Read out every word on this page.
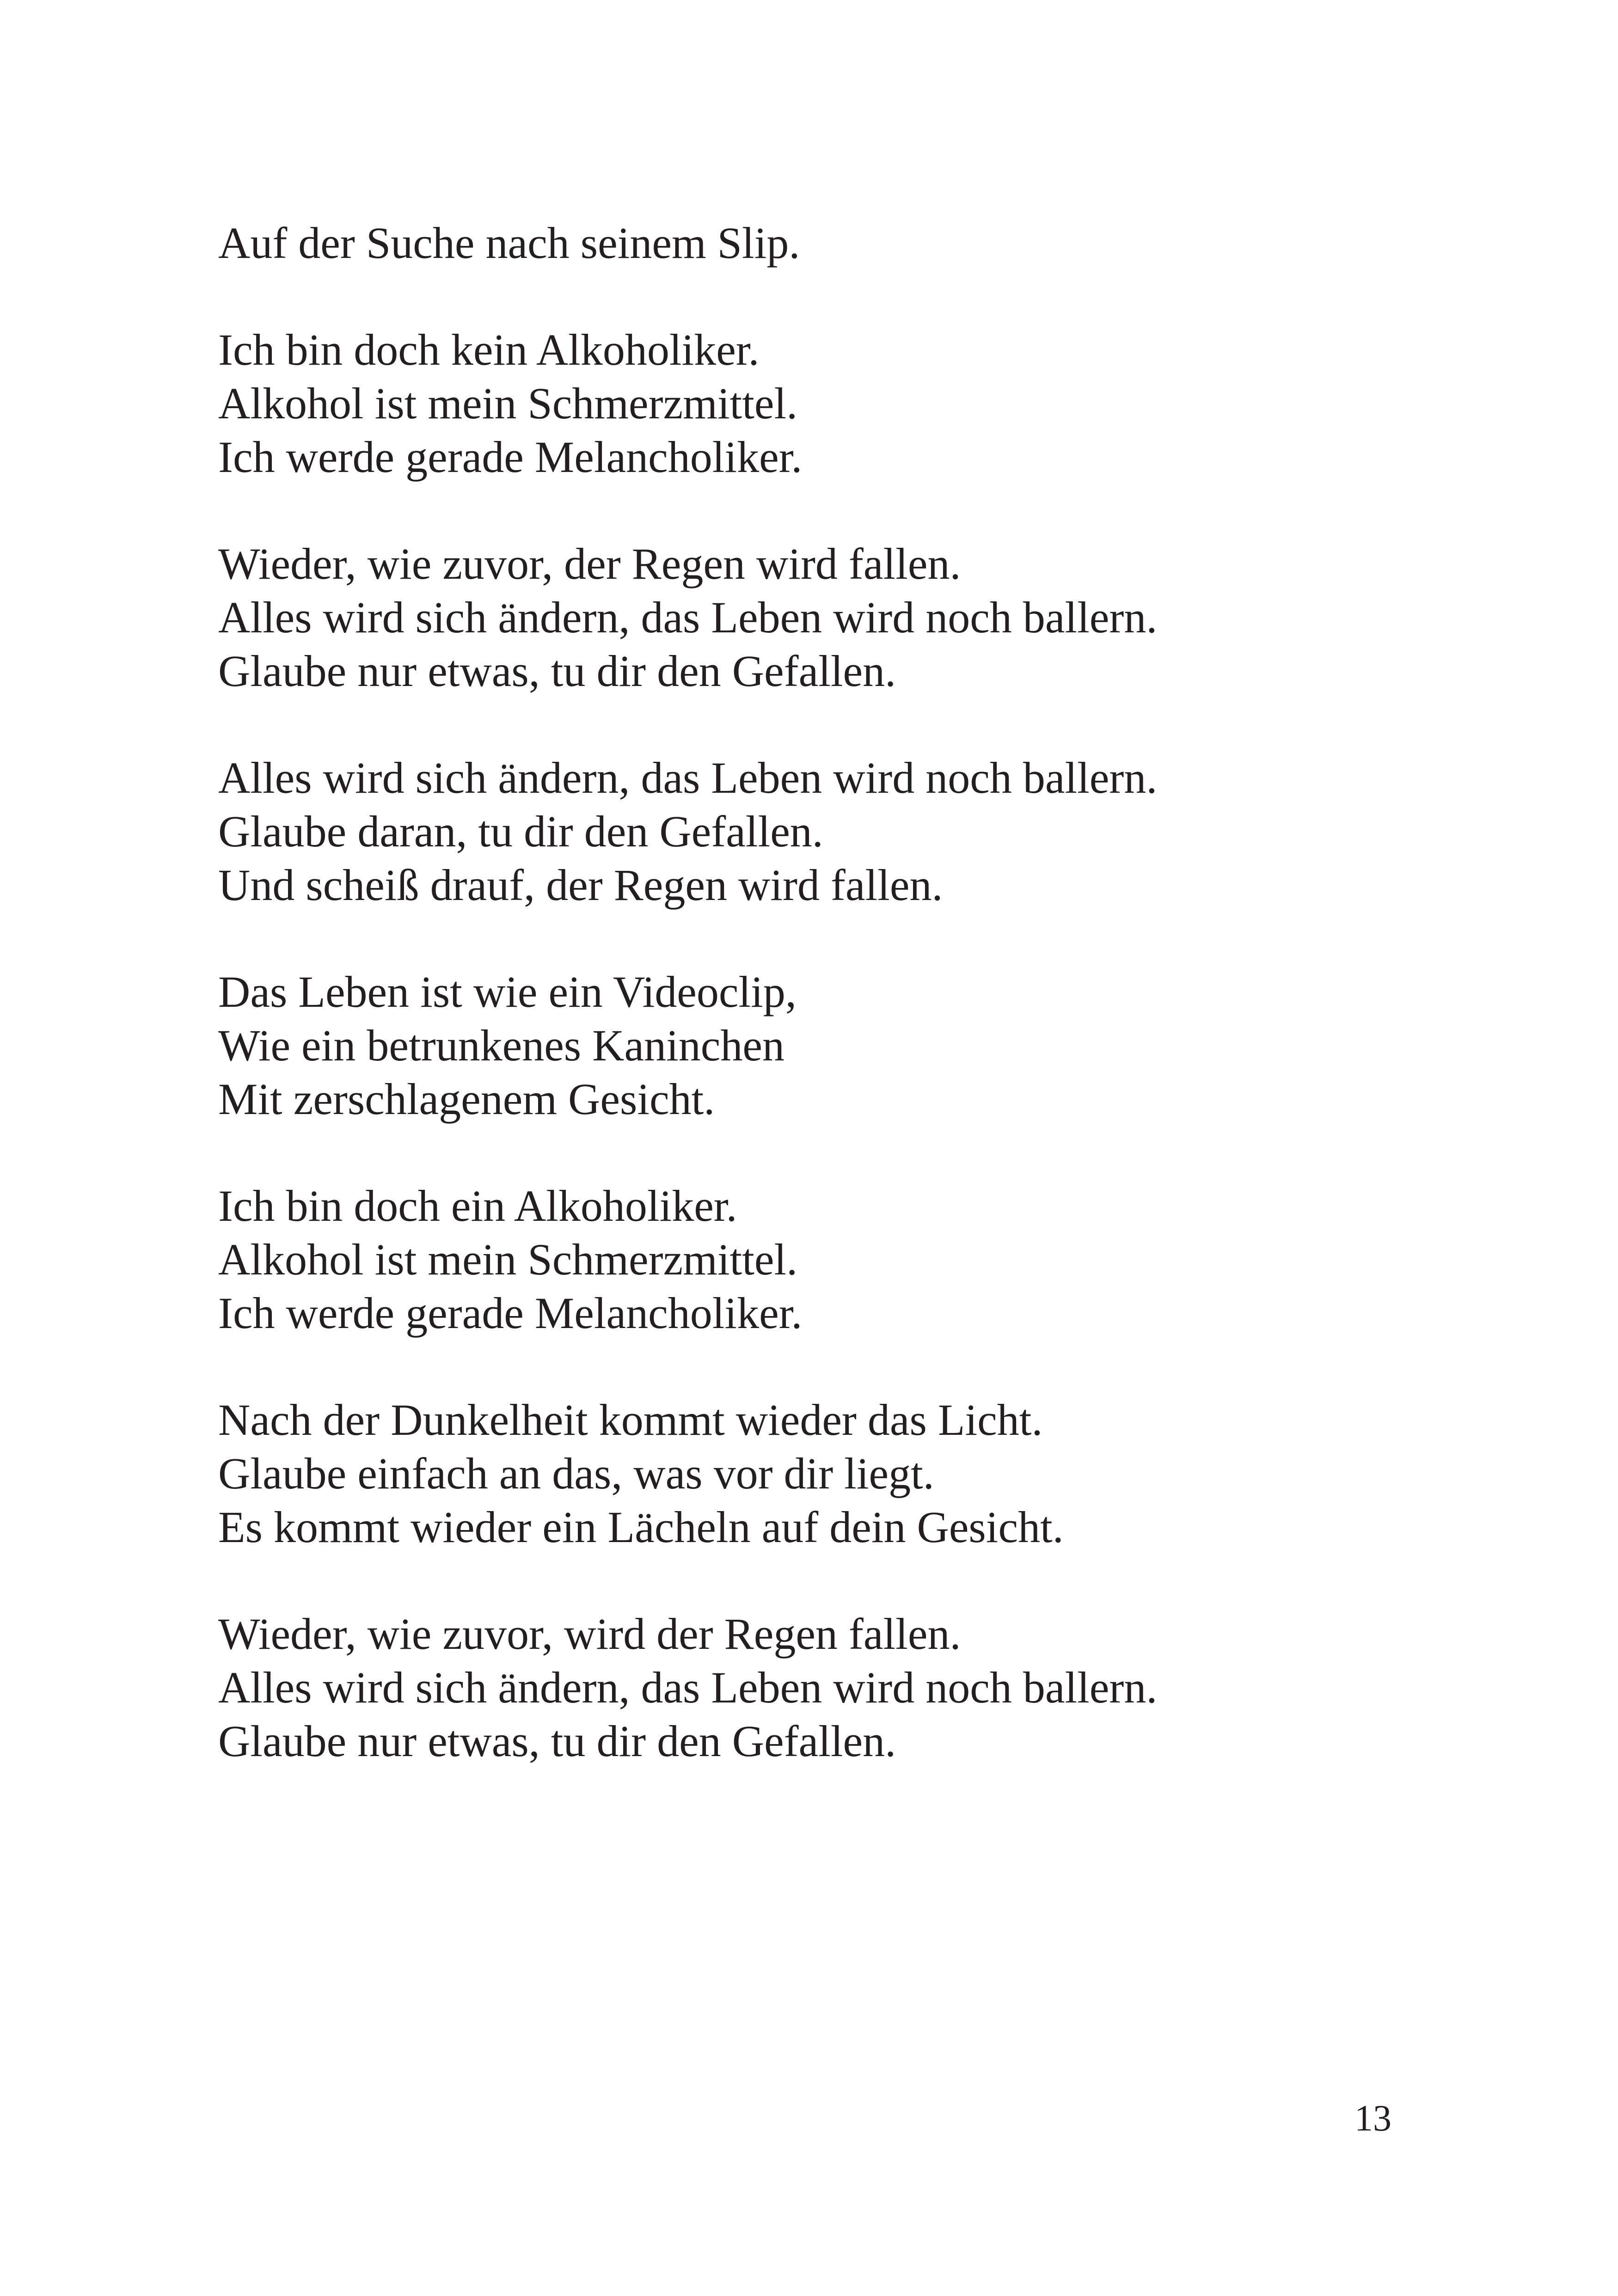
Auf der Suche nach seinem Slip.
Ich bin doch kein Alkoholiker.
Alkohol ist mein Schmerzmittel.
Ich werde gerade Melancholiker.
Wieder, wie zuvor, der Regen wird fallen.
Alles wird sich ändern, das Leben wird noch ballern.
Glaube nur etwas, tu dir den Gefallen.
Alles wird sich ändern, das Leben wird noch ballern.
Glaube daran, tu dir den Gefallen.
Und scheiß drauf, der Regen wird fallen.
Das Leben ist wie ein Videoclip,
Wie ein betrunkenes Kaninchen
Mit zerschlagenem Gesicht.
Ich bin doch ein Alkoholiker.
Alkohol ist mein Schmerzmittel.
Ich werde gerade Melancholiker.
Nach der Dunkelheit kommt wieder das Licht.
Glaube einfach an das, was vor dir liegt.
Es kommt wieder ein Lächeln auf dein Gesicht.
Wieder, wie zuvor, wird der Regen fallen.
Alles wird sich ändern, das Leben wird noch ballern.
Glaube nur etwas, tu dir den Gefallen.
13
